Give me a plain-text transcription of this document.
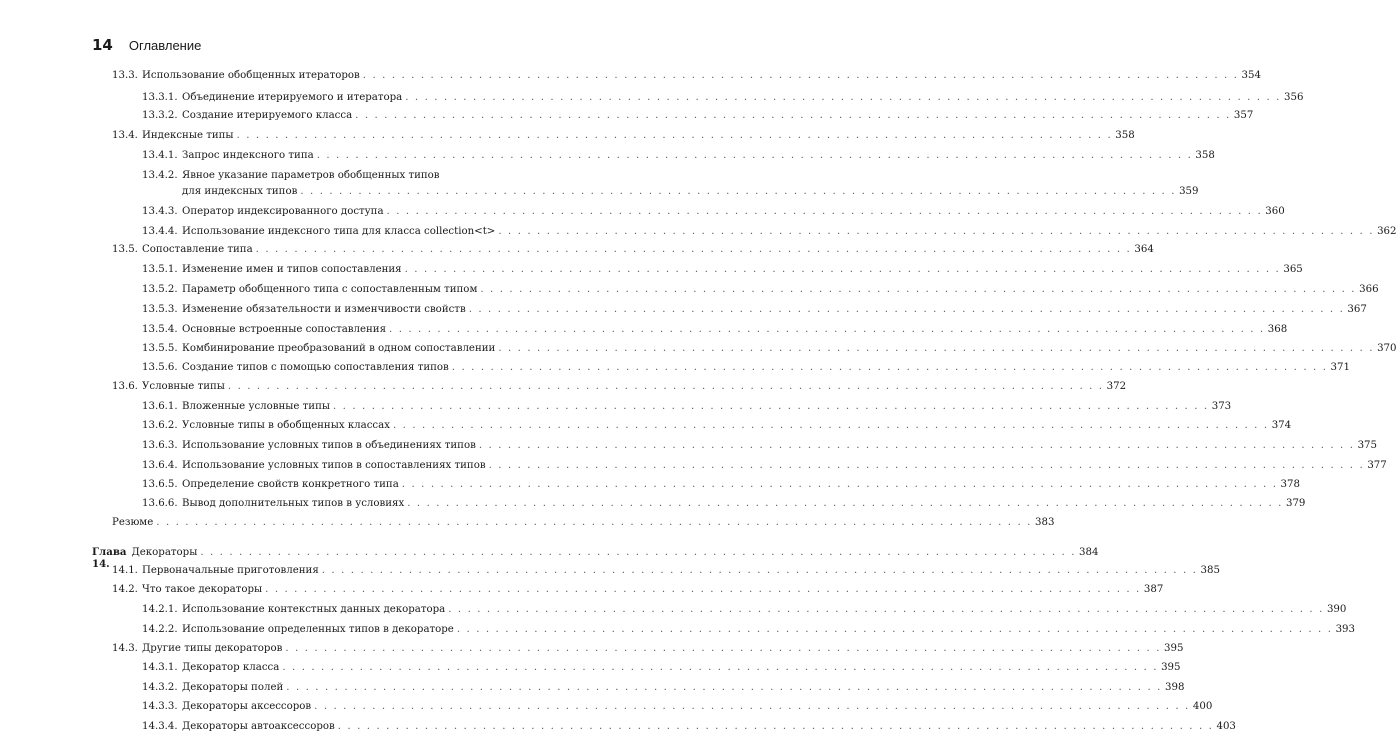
14 Оглавление
13.3. Использование обобщенных итераторов . . .	354
13.3.1. Объединение итерируемого и итератора . . .	356
13.3.2. Создание итерируемого класса . . .	357
13.4. Индексные типы . . .	358
13.4.1. Запрос индексного типа . . .	358
13.4.2. Явное указание параметров обобщенных типов
для индексных типов . . .	359
13.4.3. Оператор индексированного доступа . . .	360
13.4.4. Использование индексного типа для класса collection<t> . . .	362
13.5. Сопоставление типа . . .	364
13.5.1. Изменение имен и типов сопоставления . . .	365
13.5.2. Параметр обобщенного типа с сопоставленным типом . . .	366
13.5.3. Изменение обязательности и изменчивости свойств . . .	367
13.5.4. Основные встроенные сопоставления . . .	368
13.5.5. Комбинирование преобразований в одном сопоставлении . . .	370
13.5.6. Создание типов с помощью сопоставления типов . . .	371
13.6. Условные типы . . .	372
13.6.1. Вложенные условные типы . . .	373
13.6.2. Условные типы в обобщенных классах . . .	374
13.6.3. Использование условных типов в объединениях типов . . .	375
13.6.4. Использование условных типов в сопоставлениях типов . . .	377
13.6.5. Определение свойств конкретного типа . . .	378
13.6.6. Вывод дополнительных типов в условиях . . .	379
Резюме . . .	383
Глава 14.
Декораторы . . .	384
14.1. Первоначальные приготовления . . .	385
14.2. Что такое декораторы . . .	387
14.2.1. Использование контекстных данных декоратора . . .	390
14.2.2. Использование определенных типов в декораторе . . .	393
14.3. Другие типы декораторов . . .	395
14.3.1. Декоратор класса . . .	395
14.3.2. Декораторы полей . . .	398
14.3.3. Декораторы аксессоров . . .	400
14.3.4. Декораторы автоаксессоров . . .	403
